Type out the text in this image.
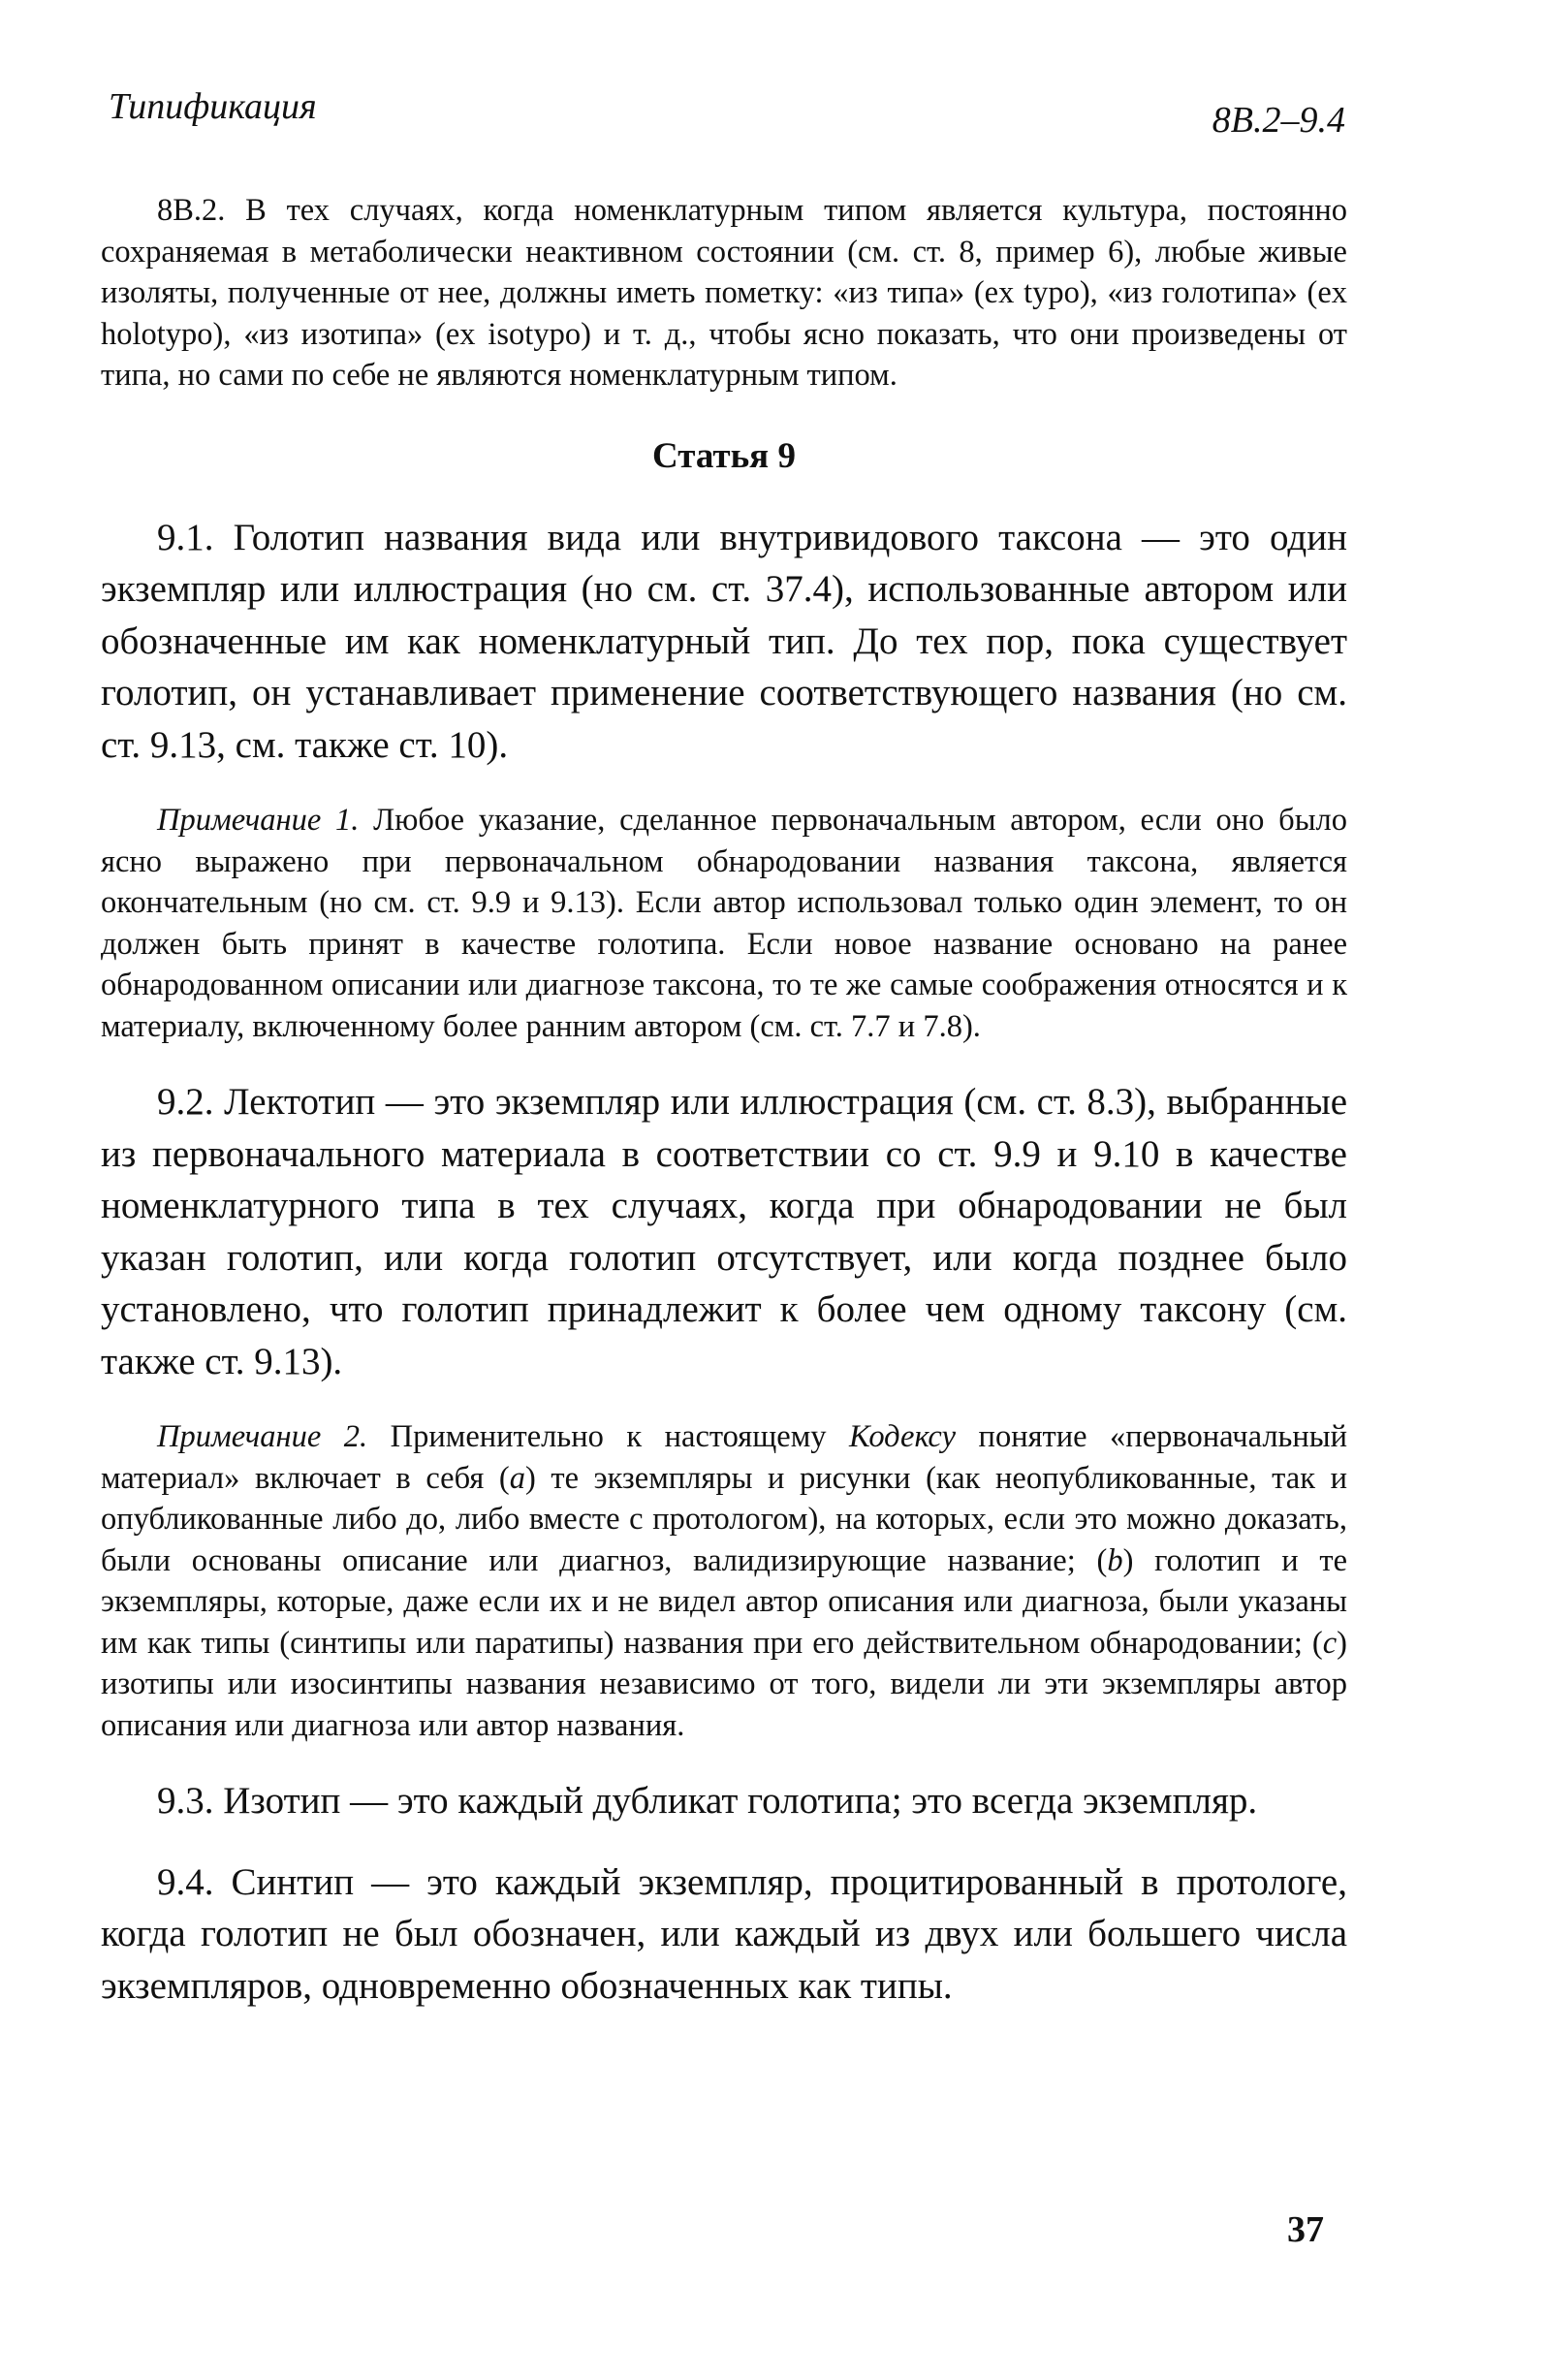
Типификация	8B.2–9.4

8B.2. В тех случаях, когда номенклатурным типом является культура, постоянно сохраняемая в метаболически неактивном состоянии (см. ст. 8, пример 6), любые живые изоляты, полученные от нее, должны иметь пометку: «из типа» (ex typo), «из голотипа» (ex holotypo), «из изотипа» (ex isotypo) и т. д., чтобы ясно показать, что они произведены от типа, но сами по себе не являются номенклатурным типом.

Статья 9

9.1. Голотип названия вида или внутривидового таксона — это один экземпляр или иллюстрация (но см. ст. 37.4), использованные автором или обозначенные им как номенклатурный тип. До тех пор, пока существует голотип, он устанавливает применение соответствующего названия (но см. ст. 9.13, см. также ст. 10).

Примечание 1. Любое указание, сделанное первоначальным автором, если оно было ясно выражено при первоначальном обнародовании названия таксона, является окончательным (но см. ст. 9.9 и 9.13). Если автор использовал только один элемент, то он должен быть принят в качестве голотипа. Если новое название основано на ранее обнародованном описании или диагнозе таксона, то те же самые соображения относятся и к материалу, включенному более ранним автором (см. ст. 7.7 и 7.8).

9.2. Лектотип — это экземпляр или иллюстрация (см. ст. 8.3), выбранные из первоначального материала в соответствии со ст. 9.9 и 9.10 в качестве номенклатурного типа в тех случаях, когда при обнародовании не был указан голотип, или когда голотип отсутствует, или когда позднее было установлено, что голотип принадлежит к более чем одному таксону (см. также ст. 9.13).

Примечание 2. Применительно к настоящему Кодексу понятие «первоначальный материал» включает в себя (a) те экземпляры и рисунки (как неопубликованные, так и опубликованные либо до, либо вместе с протологом), на которых, если это можно доказать, были основаны описание или диагноз, валидизирующие название; (b) голотип и те экземпляры, которые, даже если их и не видел автор описания или диагноза, были указаны им как типы (синтипы или паратипы) названия при его действительном обнародовании; (c) изотипы или изосинтипы названия независимо от того, видели ли эти экземпляры автор описания или диагноза или автор названия.

9.3. Изотип — это каждый дубликат голотипа; это всегда экземпляр.

9.4. Синтип — это каждый экземпляр, процитированный в протологе, когда голотип не был обозначен, или каждый из двух или большего числа экземпляров, одновременно обозначенных как типы.

37
